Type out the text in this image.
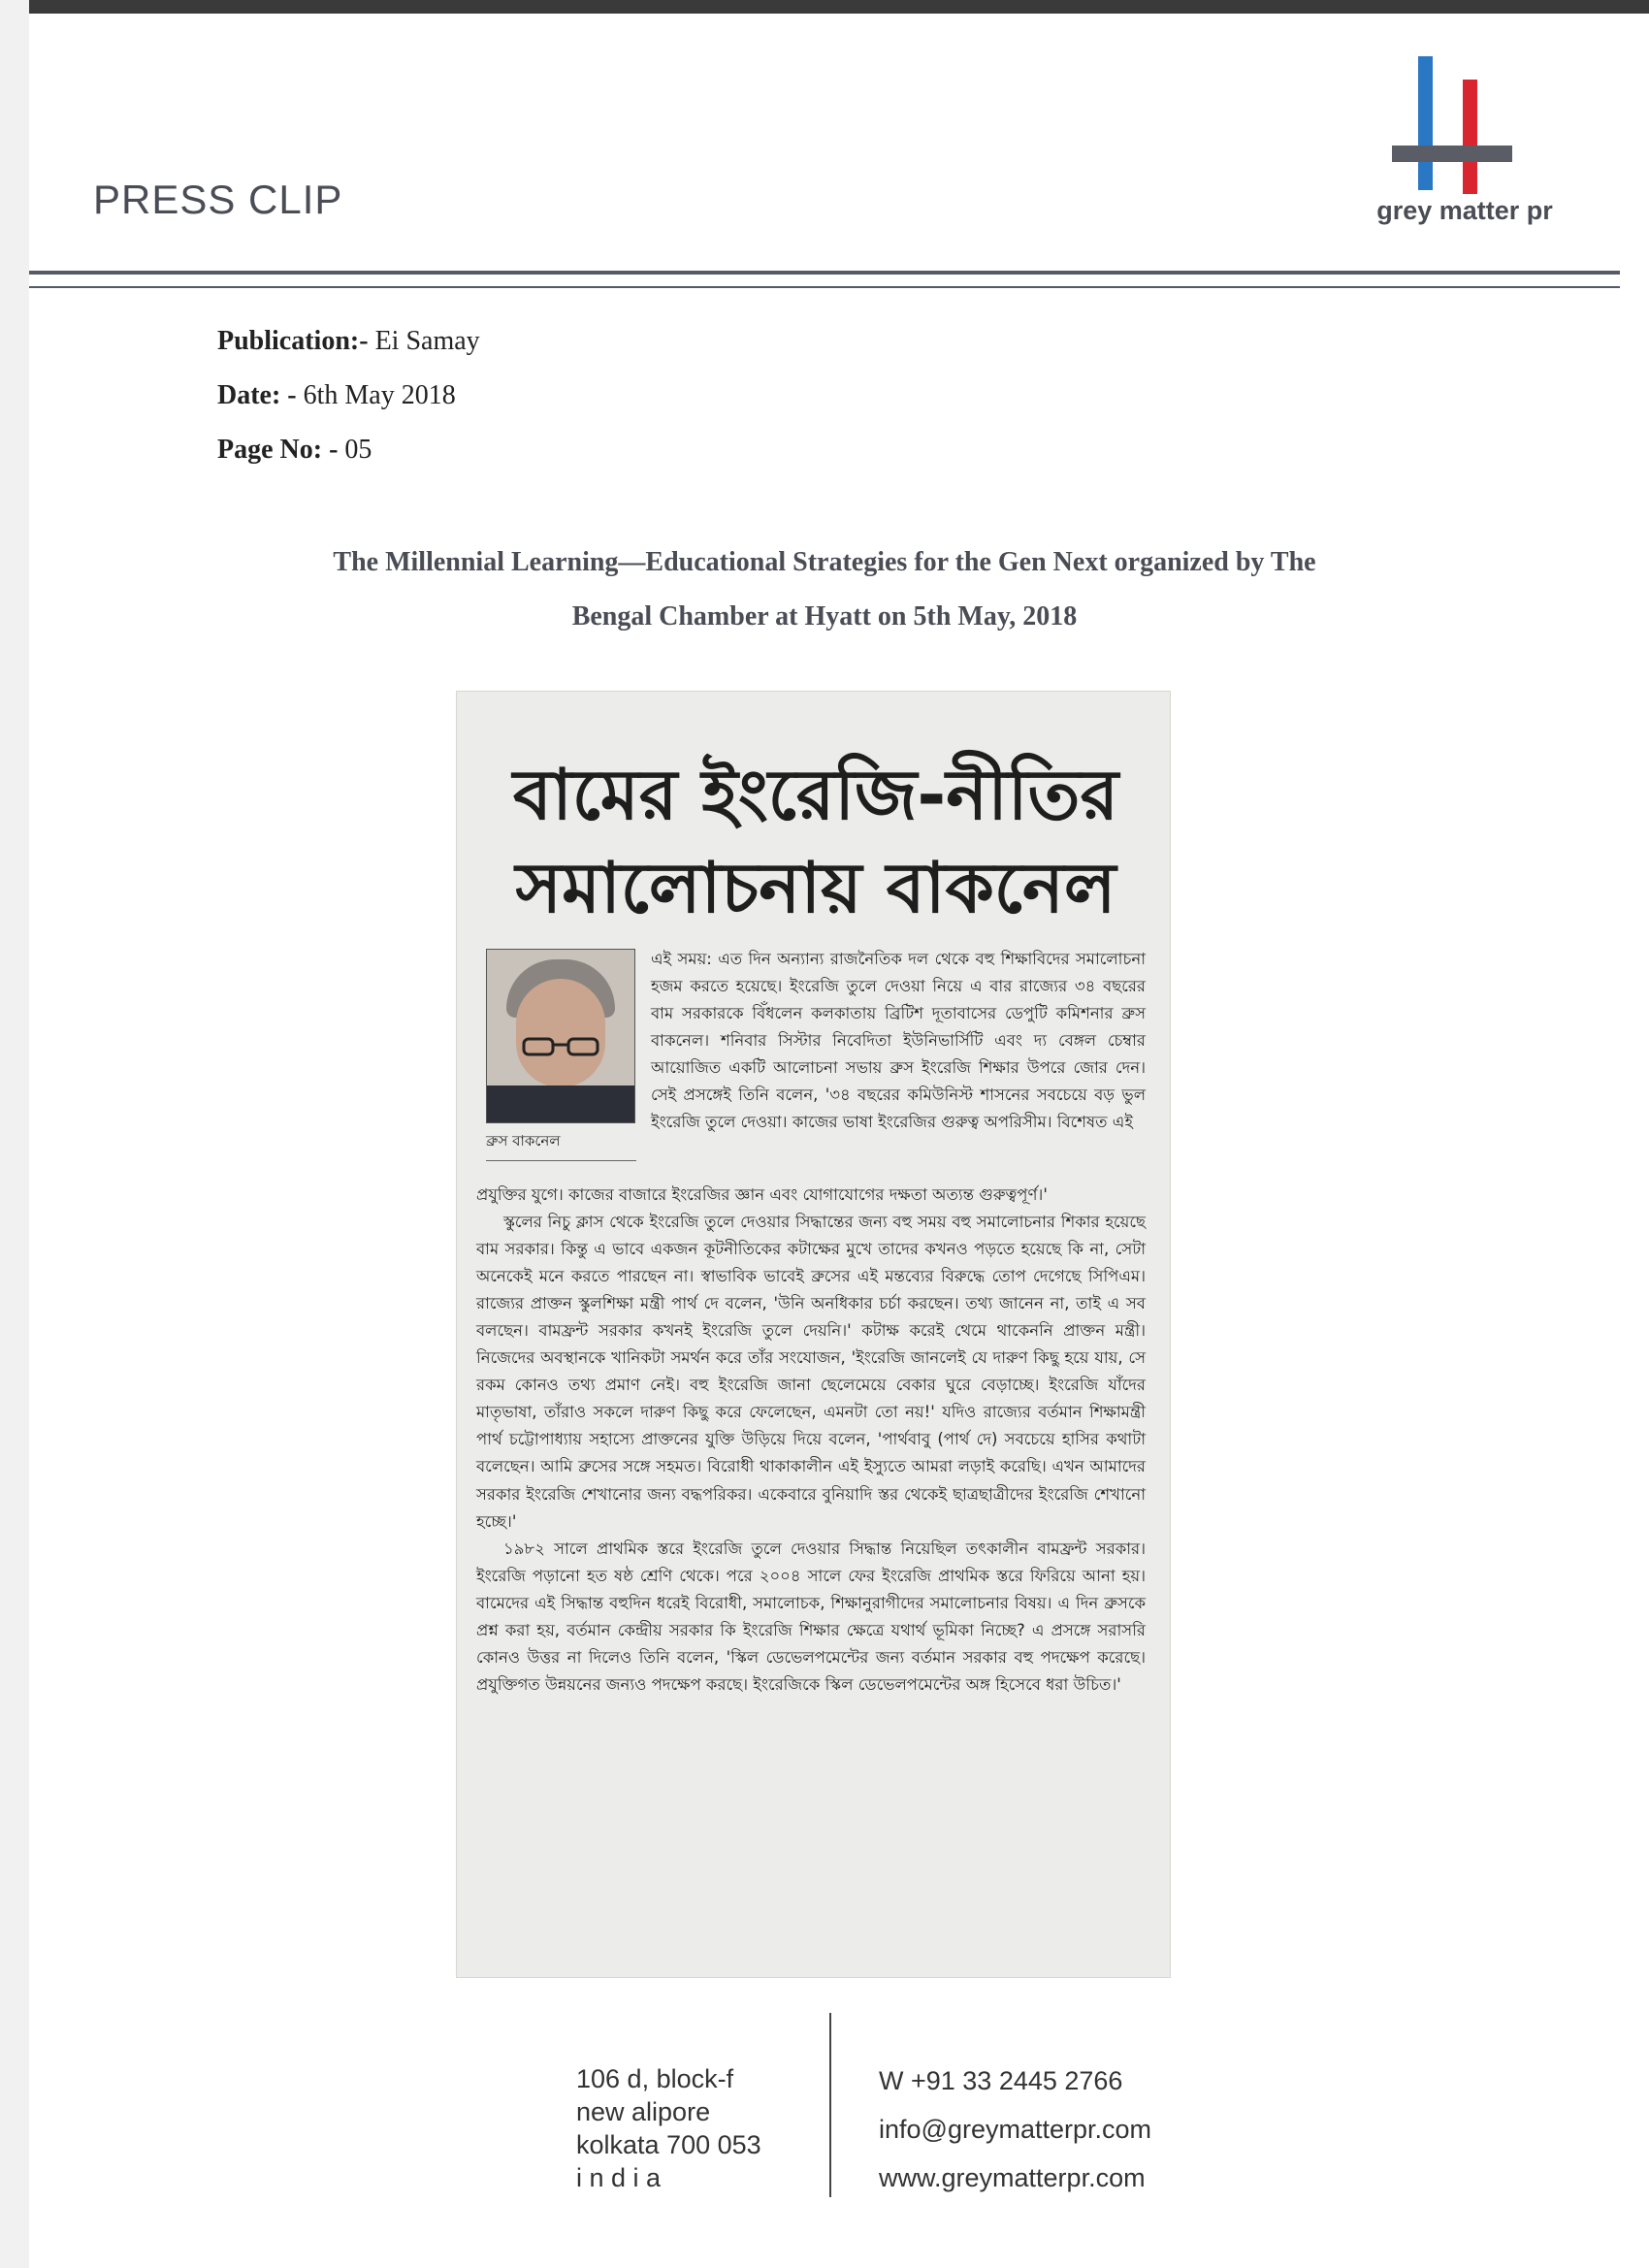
PRESS CLIP	grey matter pr
Publication:- Ei Samay
Date: - 6th May 2018
Page No: - 05
The Millennial Learning—Educational Strategies for the Gen Next organized by The
Bengal Chamber at Hyatt on 5th May, 2018
বামের ইংরেজি-নীতির
সমালোচনায় বাকনেল
ব্রুস বাকনেল
এই সময়: এত দিন অন্যান্য রাজনৈতিক দল থেকে বহু শিক্ষাবিদের সমালোচনা হজম করতে হয়েছে। ইংরেজি তুলে দেওয়া নিয়ে এ বার রাজ্যের ৩৪ বছরের বাম সরকারকে বিঁধলেন কলকাতায় ব্রিটিশ দূতাবাসের ডেপুটি কমিশনার ব্রুস বাকনেল। শনিবার সিস্টার নিবেদিতা ইউনিভার্সিটি এবং দ্য বেঙ্গল চেম্বার আয়োজিত একটি আলোচনা সভায় ব্রুস ইংরেজি শিক্ষার উপরে জোর দেন। সেই প্রসঙ্গেই তিনি বলেন, '৩৪ বছরের কমিউনিস্ট শাসনের সবচেয়ে বড় ভুল ইংরেজি তুলে দেওয়া। কাজের ভাষা ইংরেজির গুরুত্ব অপরিসীম। বিশেষত এই

প্রযুক্তির যুগে। কাজের বাজারে ইংরেজির জ্ঞান এবং যোগাযোগের দক্ষতা অত্যন্ত গুরুত্বপূর্ণ।'

স্কুলের নিচু ক্লাস থেকে ইংরেজি তুলে দেওয়ার সিদ্ধান্তের জন্য বহু সময় বহু সমালোচনার শিকার হয়েছে বাম সরকার। কিন্তু এ ভাবে একজন কূটনীতিকের কটাক্ষের মুখে তাদের কখনও পড়তে হয়েছে কি না, সেটা অনেকেই মনে করতে পারছেন না। স্বাভাবিক ভাবেই ব্রুসের এই মন্তব্যের বিরুদ্ধে তোপ দেগেছে সিপিএম। রাজ্যের প্রাক্তন স্কুলশিক্ষা মন্ত্রী পার্থ দে বলেন, 'উনি অনধিকার চর্চা করছেন। তথ্য জানেন না, তাই এ সব বলছেন। বামফ্রন্ট সরকার কখনই ইংরেজি তুলে দেয়নি।' কটাক্ষ করেই থেমে থাকেননি প্রাক্তন মন্ত্রী। নিজেদের অবস্থানকে খানিকটা সমর্থন করে তাঁর সংযোজন, 'ইংরেজি জানলেই যে দারুণ কিছু হয়ে যায়, সে রকম কোনও তথ্য প্রমাণ নেই। বহু ইংরেজি জানা ছেলেমেয়ে বেকার ঘুরে বেড়াচ্ছে। ইংরেজি যাঁদের মাতৃভাষা, তাঁরাও সকলে দারুণ কিছু করে ফেলেছেন, এমনটা তো নয়!' যদিও রাজ্যের বর্তমান শিক্ষামন্ত্রী পার্থ চট্টোপাধ্যায় সহাস্যে প্রাক্তনের যুক্তি উড়িয়ে দিয়ে বলেন, 'পার্থবাবু (পার্থ দে) সবচেয়ে হাসির কথাটা বলেছেন। আমি ব্রুসের সঙ্গে সহমত। বিরোধী থাকাকালীন এই ইস্যুতে আমরা লড়াই করেছি। এখন আমাদের সরকার ইংরেজি শেখানোর জন্য বদ্ধপরিকর। একেবারে বুনিয়াদি স্তর থেকেই ছাত্রছাত্রীদের ইংরেজি শেখানো হচ্ছে।'

১৯৮২ সালে প্রাথমিক স্তরে ইংরেজি তুলে দেওয়ার সিদ্ধান্ত নিয়েছিল তৎকালীন বামফ্রন্ট সরকার। ইংরেজি পড়ানো হত ষষ্ঠ শ্রেণি থেকে। পরে ২০০৪ সালে ফের ইংরেজি প্রাথমিক স্তরে ফিরিয়ে আনা হয়। বামেদের এই সিদ্ধান্ত বহুদিন ধরেই বিরোধী, সমালোচক, শিক্ষানুরাগীদের সমালোচনার বিষয়। এ দিন ব্রুসকে প্রশ্ন করা হয়, বর্তমান কেন্দ্রীয় সরকার কি ইংরেজি শিক্ষার ক্ষেত্রে যথার্থ ভূমিকা নিচ্ছে? এ প্রসঙ্গে সরাসরি কোনও উত্তর না দিলেও তিনি বলেন, 'স্কিল ডেভেলপমেন্টের জন্য বর্তমান সরকার বহু পদক্ষেপ করেছে। প্রযুক্তিগত উন্নয়নের জন্যও পদক্ষেপ করছে। ইংরেজিকে স্কিল ডেভেলপমেন্টের অঙ্গ হিসেবে ধরা উচিত।'

106 d, block-f
new alipore
kolkata 700 053
i n d i a
W +91 33 2445 2766
info@greymatterpr.com
www.greymatterpr.com
